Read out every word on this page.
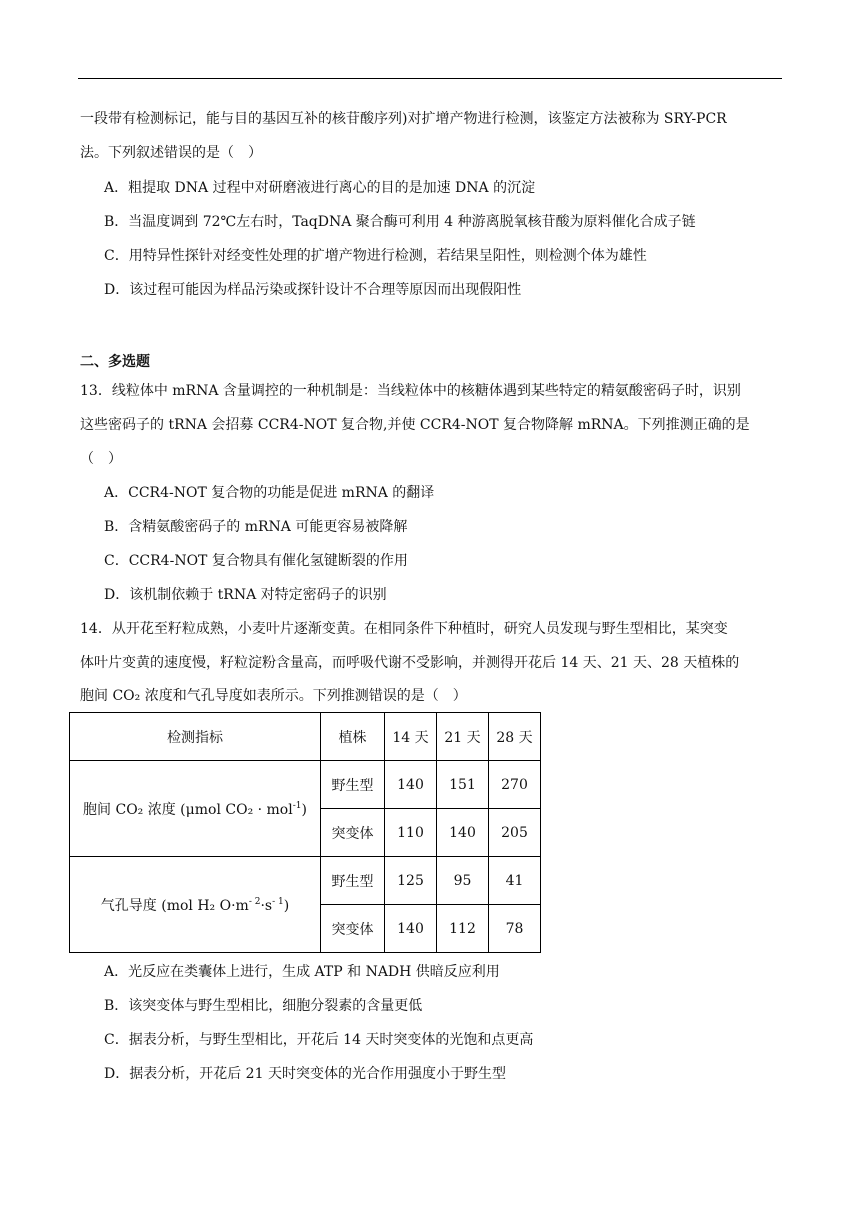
一段带有检测标记，能与目的基因互补的核苷酸序列)对扩增产物进行检测，该鉴定方法被称为 SRY-PCR
法。下列叙述错误的是（　）
A．粗提取 DNA 过程中对研磨液进行离心的目的是加速 DNA 的沉淀
B．当温度调到 72℃左右时，TaqDNA 聚合酶可利用 4 种游离脱氧核苷酸为原料催化合成子链
C．用特异性探针对经变性处理的扩增产物进行检测，若结果呈阳性，则检测个体为雄性
D．该过程可能因为样品污染或探针设计不合理等原因而出现假阳性
二、多选题
13．线粒体中 mRNA 含量调控的一种机制是：当线粒体中的核糖体遇到某些特定的精氨酸密码子时，识别
这些密码子的 tRNA 会招募 CCR4-NOT 复合物,并使 CCR4-NOT 复合物降解 mRNA。下列推测正确的是
（　）
A．CCR4-NOT 复合物的功能是促进 mRNA 的翻译
B．含精氨酸密码子的 mRNA 可能更容易被降解
C．CCR4-NOT 复合物具有催化氢键断裂的作用
D．该机制依赖于 tRNA 对特定密码子的识别
14．从开花至籽粒成熟，小麦叶片逐渐变黄。在相同条件下种植时，研究人员发现与野生型相比，某突变
体叶片变黄的速度慢，籽粒淀粉含量高，而呼吸代谢不受影响，并测得开花后 14 天、21 天、28 天植株的
胞间 CO₂ 浓度和气孔导度如表所示。下列推测错误的是（　）
检测指标	植株	14 天	21 天	28 天
胞间 CO₂ 浓度 (μmol CO₂ · mol$^{-1}$)	野生型	140	151	270
	突变体	110	140	205
气孔导度 (mol H₂ $O\cdot m^{- 2}\cdot s^{- 1}$)	野生型	125	95	41
	突变体	140	112	78
A．光反应在类囊体上进行，生成 ATP 和 NADH 供暗反应利用
B．该突变体与野生型相比，细胞分裂素的含量更低
C．据表分析，与野生型相比，开花后 14 天时突变体的光饱和点更高
D．据表分析，开花后 21 天时突变体的光合作用强度小于野生型
